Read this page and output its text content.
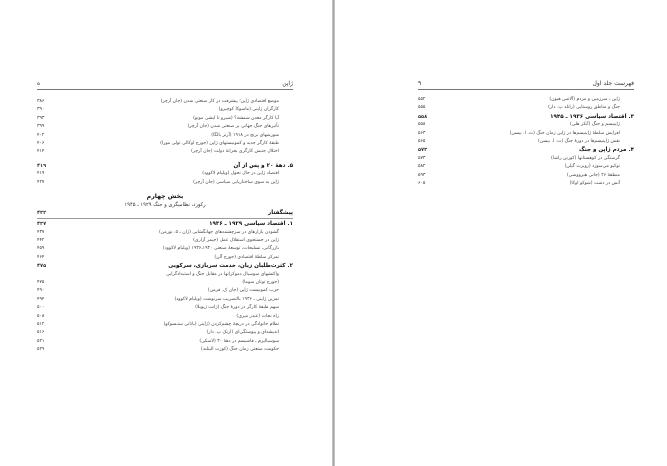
ه	ژاپن
موضع اقتصادی ژاپن؛ پیشرفت در کار صنعتی شدن (جان آرچر)
۳۸۶
کارگران ژاپنی (ماسوکا کوچیرو)
۳۹۰
آیا کارگر معدن شمشه؟ (شیرو تا ایشی موتو)
۳۹۳
تأثیرهای جنگ جهانی بر صنعتی شدن (جان آرچر)
۳۹۹
شورشهای برنج در ۱۹۱۸ (آرتر بالگا)
۴۰۲
طبقهٔ کارگر جدید و کمونیستهای ژاپن (جورج اوکالی تولی مورا)
۴۰۶
اختلال جنبش کارگری بحرانهٔ دولت (جان آرچر)
۴۱۴
۵. دههٔ ۲۰ و پس از آن
۴۱۹
اقتصاد ژاپن در حال تحول (ویلیام لاکوود)
۴۱۹
ژاپن به سوی ساختاریابی سیاسی (جان آرچر)
۴۲۷
بخش چهارم
رکورد، نظامیگری و جنگ ۱۹۲۹ ـ ۱۹۴۵
پیشگفتار
۴۳۲
۱. اقتصاد سیاسی ۱۹۲۹ ـ ۱۹۳۶
۴۳۷
گشودن بازارهای در سرچشمه‌های جهانگشایی (ژان ـ ۵. نورمن)
۴۳۷
ژاپن در جستجوی استقلال عمل (جیمز آزاری)
۴۴۲
بازرگانی، تسلیحات، توسعهٔ صنعتی ۱۹۳۰ـ۱۹۳۶ (ویلیام لاکوود)
۴۵۹
تمرکز سلطهٔ اقتصادی (جورج آلن)
۴۶۴
۲. کثرت‌طلبان زبان، خدمت سربازی، سرکوبی
۴۷۵
واکنشهای سوسیال دموکراتها در مقابل جنگ و استبدادگرایی
(جورج توتان سوما)
۴۷۵
حزب کمونیست ژاپن (جان ک. فرمن)
۴۹۰
تمرین ژاپنی ـ ۱۹۳۶ بالتصریب سرنوشت (ویلیام لاکوود)
۴۹۴
سهم طبقهٔ کارگر در دورهٔ جنگ (ژانت ژیوبلا)
۵۰۰
راه نجات (عبدر میری)
۵۰۸
نظام خانوادگی در دریچهٔ چشم‌کردن (ژاپنی (یاتانی ستـسوکو)
۵۱۲
اندیشه‌ای و پیوستگی‌ای (ارتک پ. دار)
۵۱۶
سوسیالیزم ـ فاشیسم در دههٔ ۳۰ (لاسکی)
۵۲۱
حکومت صنعتی زمان جنگ (کوزت الیتلند)
۵۲۹
۹	فهرست جلد اول
ژاپن ـ سرزمین و مردم (آلانس هیون)
۵۵۲
جنگ و مناطق روستایی (رانلد پ. دار)
۵۵۵
۳. اقتصاد سیاسی ۱۹۳۶ ـ ۱۹۴۵
۵۵۸
ژاپنیسم و جنگ (آنکر هلی)
۵۵۸
افزایش سلطهٔ ژاپنیسم‌ها در ژاپن زمان جنگ (ت. ا. بیسن)
۵۶۳
نقش ژاپنیسم‌ها در دورهٔ جنگ (ت. ا. بیسن)
۵۶۵
۴. مردم ژاپن و جنگ
۵۷۳
گرسنگی در کوهستانها (کورتن راشا)
۵۷۳
توکیو می‌سوزد (روبرت گیلن)
۵۸۲
منطقهٔ ۲۶ (جانی هیرووشی)
۵۹۳
آتش در دشت (شوکو اوکا)
۶۰۵
